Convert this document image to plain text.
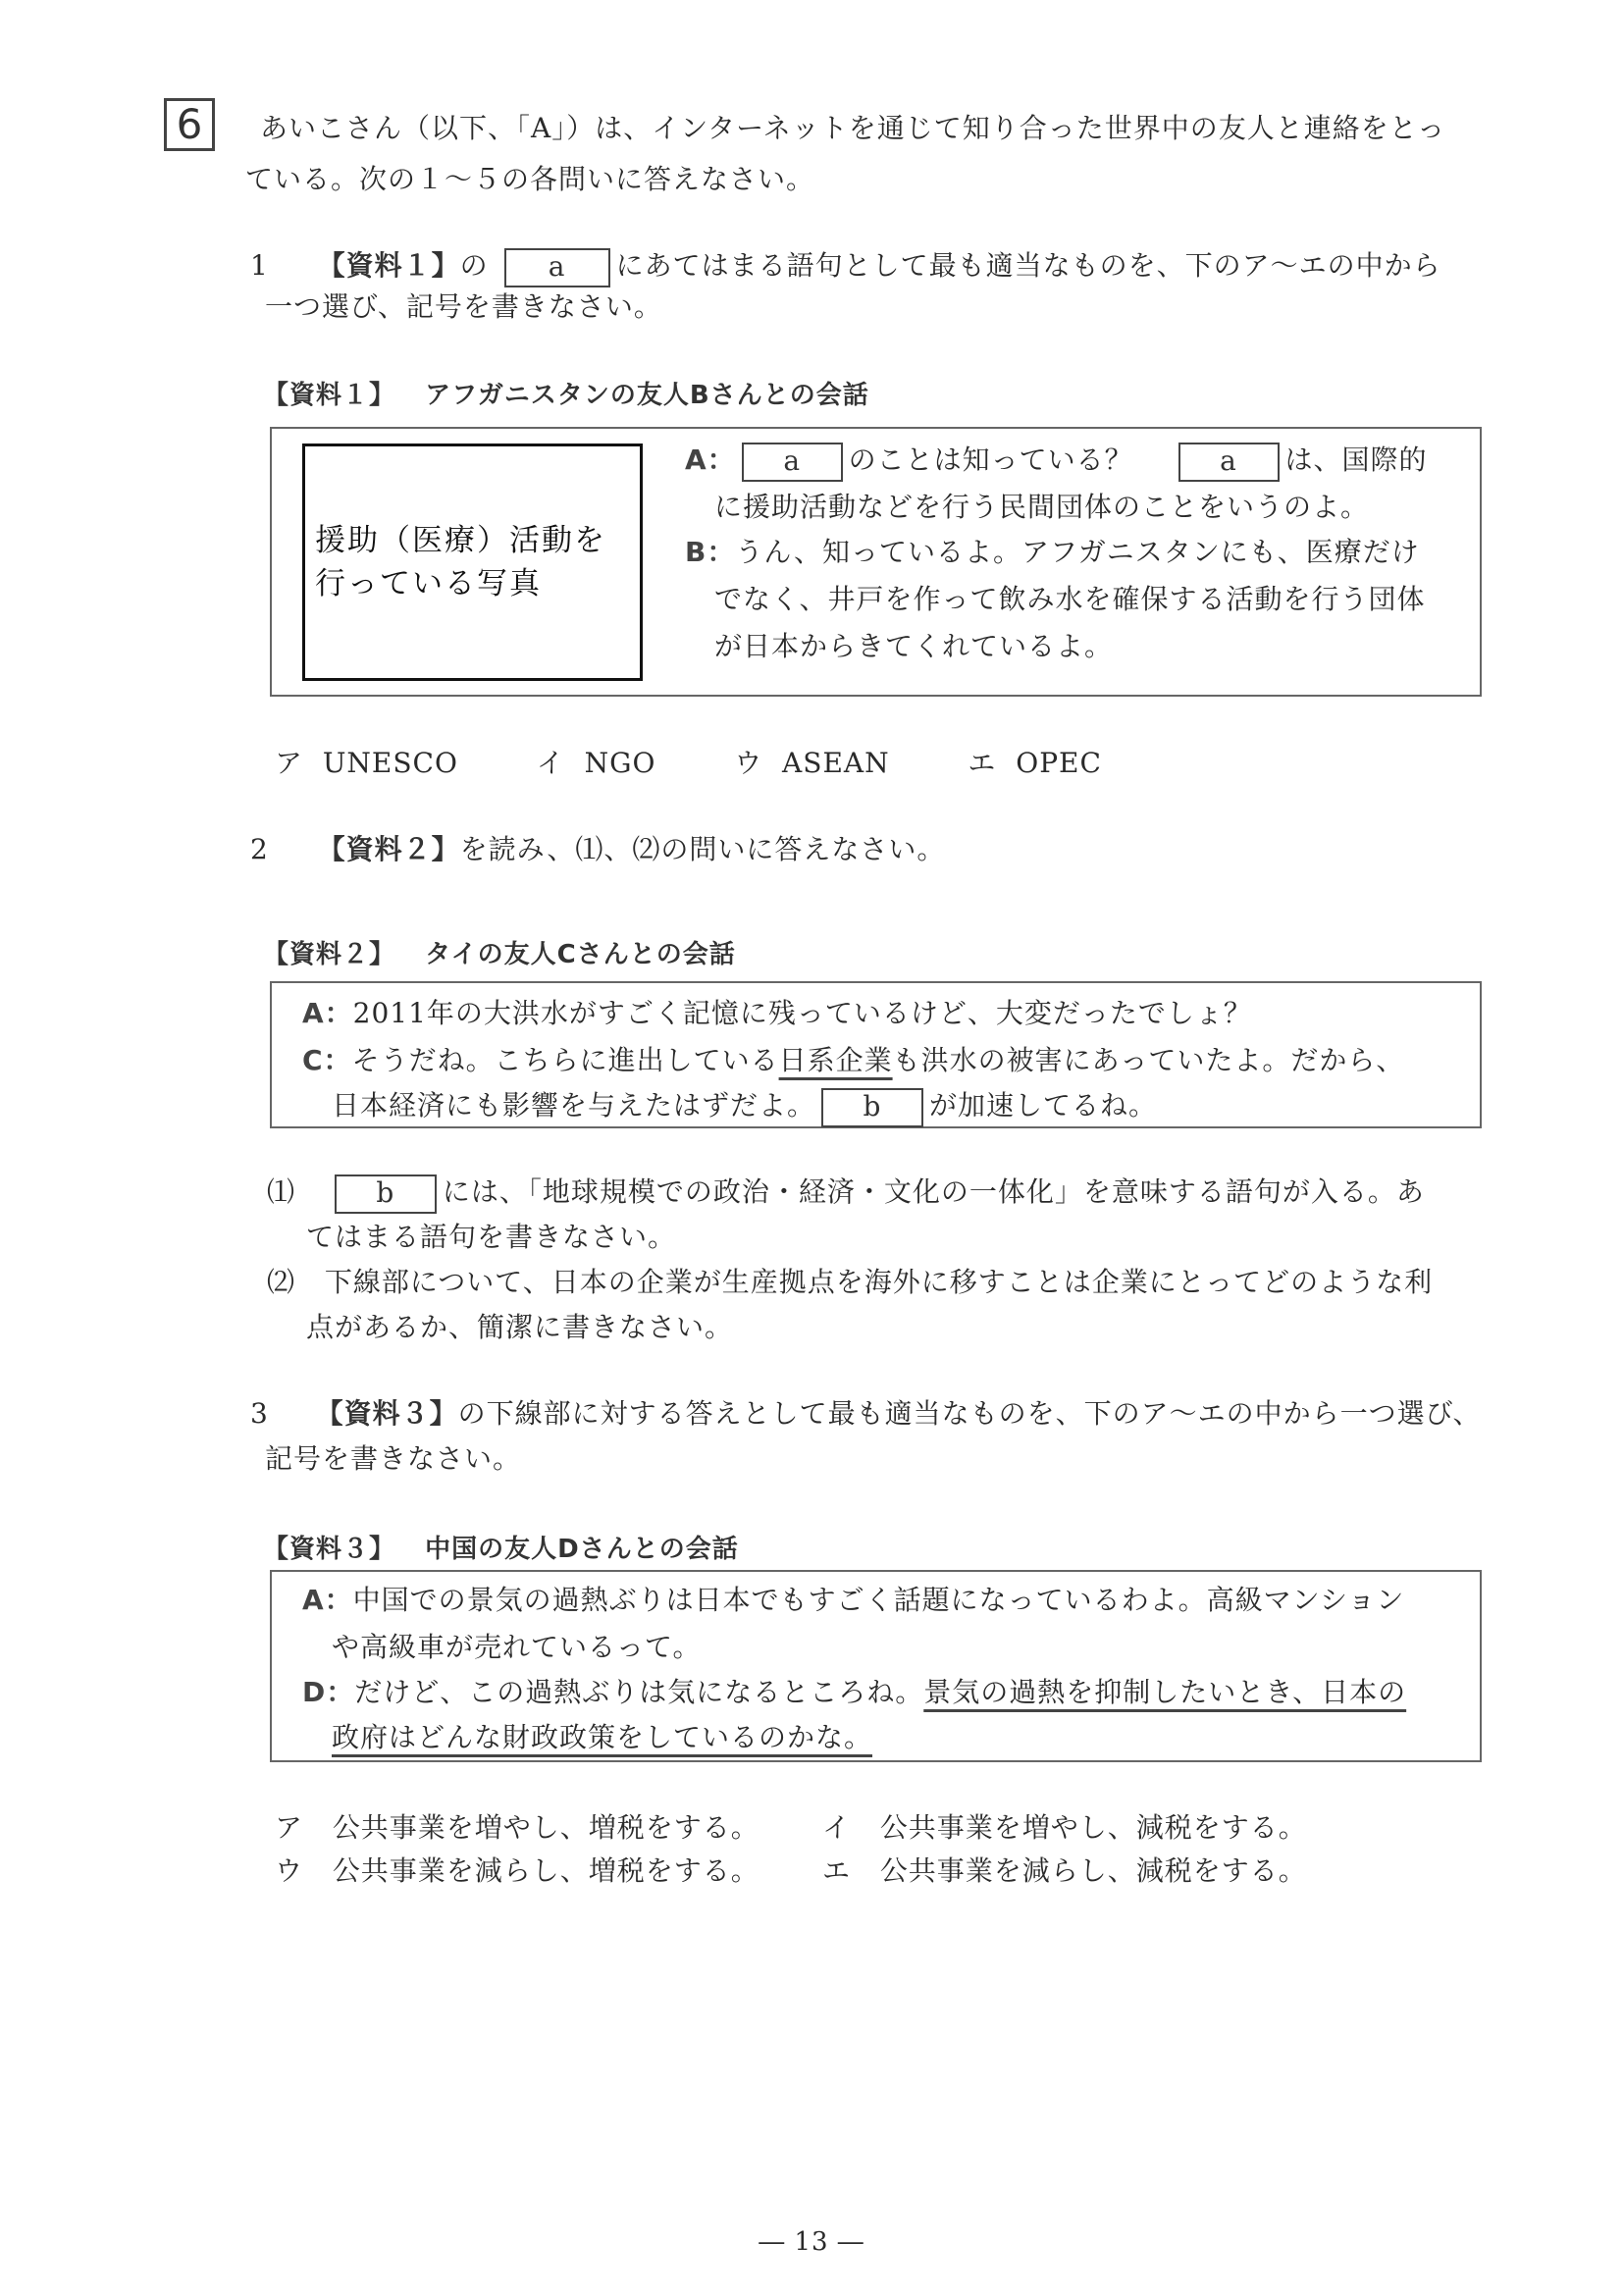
6	あいこさん（以下、「A」）は、インターネットを通じて知り合った世界中の友人と連絡をとっ
ている。次の１～５の各問いに答えなさい。
1 【資料１】の a にあてはまる語句として最も適当なものを、下のア～エの中から
一つ選び、記号を書きなさい。
【資料１】 アフガニスタンの友人Bさんとの会話
援助（医療）活動を
行っている写真
A： a のことは知っている？	a は、国際的
に援助活動などを行う民間団体のことをいうのよ。
B：うん、知っているよ。アフガニスタンにも、医療だけ
でなく、井戸を作って飲み水を確保する活動を行う団体
が日本からきてくれているよ。
ア UNESCO	イ NGO	ウ ASEAN	エ OPEC
2 【資料２】を読み、⑴、⑵の問いに答えなさい。
【資料２】 タイの友人Cさんとの会話
A：2011年の大洪水がすごく記憶に残っているけど、大変だったでしょ？
C：そうだね。こちらに進出している日系企業も洪水の被害にあっていたよ。だから、
日本経済にも影響を与えたはずだよ。 b が加速してるね。
⑴	b には、「地球規模での政治・経済・文化の一体化」を意味する語句が入る。あ
てはまる語句を書きなさい。
⑵ 下線部について、日本の企業が生産拠点を海外に移すことは企業にとってどのような利
点があるか、簡潔に書きなさい。
3 【資料３】の下線部に対する答えとして最も適当なものを、下のア～エの中から一つ選び、
記号を書きなさい。
【資料３】 中国の友人Dさんとの会話
A：中国での景気の過熱ぶりは日本でもすごく話題になっているわよ。高級マンション
や高級車が売れているって。
D：だけど、この過熱ぶりは気になるところね。景気の過熱を抑制したいとき、日本の
政府はどんな財政政策をしているのかな。
ア 公共事業を増やし、増税をする。 イ 公共事業を増やし、減税をする。
ウ 公共事業を減らし、増税をする。 エ 公共事業を減らし、減税をする。
― 13 ―
